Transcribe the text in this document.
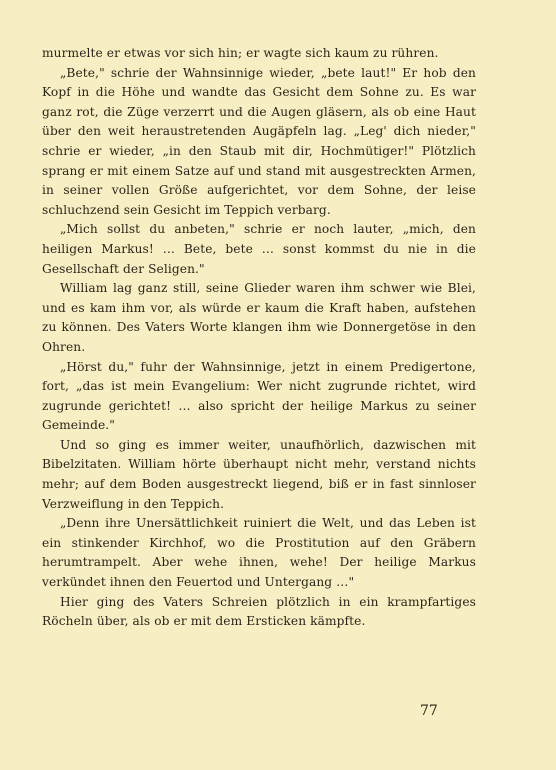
murmelte er etwas vor sich hin; er wagte sich kaum zu rühren.

„Bete," schrie der Wahnsinnige wieder, „bete laut!" Er hob den Kopf in die Höhe und wandte das Gesicht dem Sohne zu. Es war ganz rot, die Züge verzerrt und die Augen gläsern, als ob eine Haut über den weit heraustretenden Augäpfeln lag. „Leg' dich nieder," schrie er wieder, „in den Staub mit dir, Hochmütiger!" Plötzlich sprang er mit einem Satze auf und stand mit ausgestreckten Armen, in seiner vollen Größe aufgerichtet, vor dem Sohne, der leise schluchzend sein Gesicht im Teppich verbarg.

„Mich sollst du anbeten," schrie er noch lauter, „mich, den heiligen Markus! … Bete, bete … sonst kommst du nie in die Gesellschaft der Seligen."

William lag ganz still, seine Glieder waren ihm schwer wie Blei, und es kam ihm vor, als würde er kaum die Kraft haben, aufstehen zu können. Des Vaters Worte klangen ihm wie Donnergetöse in den Ohren.

„Hörst du," fuhr der Wahnsinnige, jetzt in einem Predigertone, fort, „das ist mein Evangelium: Wer nicht zugrunde richtet, wird zugrunde gerichtet! … also spricht der heilige Markus zu seiner Gemeinde."

Und so ging es immer weiter, unaufhörlich, dazwischen mit Bibelzitaten. William hörte überhaupt nicht mehr, verstand nichts mehr; auf dem Boden ausgestreckt liegend, biß er in fast sinnloser Verzweiflung in den Teppich.

„Denn ihre Unersättlichkeit ruiniert die Welt, und das Leben ist ein stinkender Kirchhof, wo die Prostitution auf den Gräbern herumtrampelt. Aber wehe ihnen, wehe! Der heilige Markus verkündet ihnen den Feuertod und Untergang …"

Hier ging des Vaters Schreien plötzlich in ein krampfartiges Röcheln über, als ob er mit dem Ersticken kämpfte.

77
